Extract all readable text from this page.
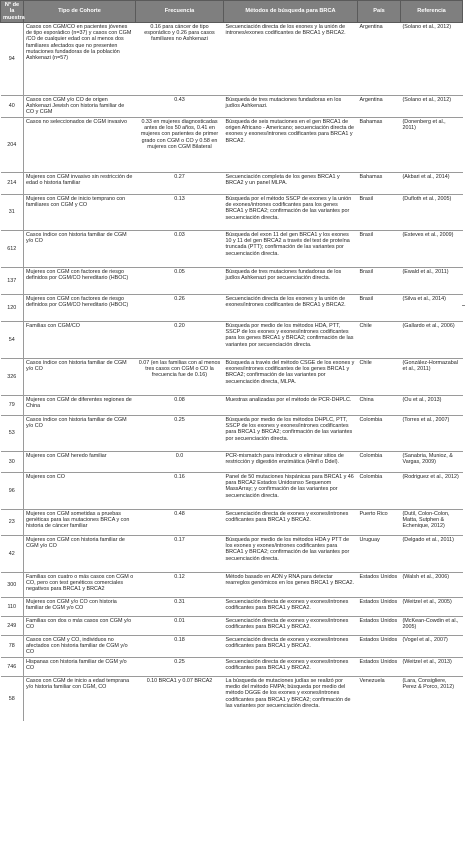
N° de la muestra	Tipo de Cohorte	Frecuencia	Métodos de búsqueda para BRCA	País	Referencia
94	Casos con CGM/CO en pacientes jóvenes de tipo esporádico (n=37) y casos con CGM /CO de cualquier edad con al menos dos familiares afectados que no presenten mutaciones fundadoras de la población Ashkenazi (n=57)	0.16 para cáncer de tipo esporádico y 0.26 para casos familiares no Ashkenazi	Secuenciación directa de los exones y la unión de intrones/exones codificantes de BRCA1 y BRCA2.	Argentina	(Solano et al., 2012)
40	Casos con CGM y/o CO de origen Ashkenazi Jewish con historia familiar de CO y CGM	0.43	Búsqueda de tres mutaciones fundadoras en los judíos Ashkenazi.	Argentina	(Solano et al., 2012)
204	Casos no seleccionados de CGM invasivo	0.33 en mujeres diagnosticadas antes de los 50 años, 0.41 en mujeres con parientes de primer grado con CGM o CO y 0.58 en mujeres con CGM Bilateral	Búsqueda de seis mutaciones en el gen BRCA1 de origen Africano - Americano; secuenciación directa de exones y exones/intrones codificantes para BRCA1 y BRCA2.	Bahamas	(Donenberg et al., 2011)
214	Mujeres con CGM invasivo sin restricción de edad o historia familiar	0.27	Secuenciación completa de los genes BRCA1 y BRCA2 y un panel MLPA.	Bahamas	(Akbari et al., 2014)
31	Mujeres con CGM de inicio temprano con familiares con CGM y CO	0.13	Búsqueda por el método SSCP de exones y la unión de exones/intrones codificantes para los genes BRCA1 y BRCA2; confirmación de las variantes por secuenciación directa.	Brasil	(Dufloth et al., 2005)
612	Casos índice con historia familiar de CGM y/o CO	0.03	Búsqueda del exon 11 del gen BRCA1 y los exones 10 y 11 del gen BRCA2 a través del test de proteína truncada (PTT); confirmación de las variantes por secuenciación directa.	Brasil	(Esteves et al., 2009)
137	Mujeres con CGM con factores de riesgo definidos por CGM/CO hereditario (HBOC)	0.05	Búsqueda de tres mutaciones fundadoras de los judíos Ashkenazi por secuenciación directa.	Brasil	(Ewald et al., 2011)
120	Mujeres con CGM con factores de riesgo definidos por CGM/CO hereditario (HBOC)	0.26	Secuenciación directa de los exones y la unión de exones/intrones codificantes de BRCA1 y BRCA2.	Brasil	(Silva et al., 2014)
54	Familias con CGM/CO	0.20	Búsqueda por medio de los métodos HDA, PTT, SSCP de los exones y exones/intrones codificantes para los genes BRCA1 y BRCA2; confirmación de las variantes por secuenciación directa.	Chile	(Gallardo et al., 2006)
326	Casos índice con historia familiar de CGM y/o CO	0.07 (en las familias con al menos tres casos con CGM o CO la frecuencia fue de 0.16)	Búsqueda a través del método CSGE de los exones y exones/intrones codificantes de los genes BRCA1 y BRCA2; confirmación de las variantes por secuenciación directa, MLPA.	Chile	(González-Hormazabal et al., 2011)
79	Mujeres con CGM de diferentes regiones de China	0.08	Muestras analizadas por el método de PCR-DHPLC.	China	(Ou et al., 2013)
53	Casos índice con historia familiar de CGM y/o CO	0.25	Búsqueda por medio de los métodos DHPLC, PTT, SSCP de los exones y exones/intrones codificantes para BRCA1 y BRCA2; confirmación de las variantes por secuenciación directa.	Colombia	(Torres et al., 2007)
30	Mujeres con CGM heredo familiar	0.0	PCR-mismatch para introducir o eliminar sitios de restricción y digestión enzimática (Hinfl o Ddel).	Colombia	(Sanabria, Munioz, & Vargas, 2009)
96	Mujeres con CO	0.16	Panel de 50 mutaciones hispánicas para BRCA1 y 46 para BRCA2 Estados Unidosnso Sequenom MassArray; y confirmación de las variantes por secuenciación directa.	Colombia	(Rodriguez et al., 2012)
23	Mujeres con CGM sometidas a pruebas genéticas para las mutaciones BRCA y con historia de cáncer familiar	0.48	Secuenciación directa de exones y exones/intrones codificantes para BRCA1 y BRCA2.	Puerto Rico	(Dutil, Colon-Colon, Matta, Sutphen & Echenique, 2012)
42	Mujeres con CGM con historia familiar de CGM y/o CO	0.17	Búsqueda por medio de los métodos HDA y PTT de los exones y exones/intrones codificantes para BRCA1 y BRCA2; confirmación de las variantes por secuenciación directa.	Uruguay	(Delgado et al., 2011)
300	Familias con cuatro o más casos con CGM o CO, pero con test genéticos comerciales negativos para BRCA1 y BRCA2	0.12	Método basado en ADN y RNA para detectar rearreglos genómicos en los genes BRCA1 y BRCA2.	Estados Unidos	(Walsh et al., 2006)
110	Mujeres con CGM y/o CO con historia familiar de CGM y/o CO	0.31	Secuenciación directa de exones y exones/intrones codificantes para BRCA1 y BRCA2.	Estados Unidos	(Weitzel et al., 2005)
249	Familias con dos o más casos con CGM y/o CO	0.01	Secuenciación directa de exones y exones/intrones codificantes para BRCA1 y BRCA2.	Estados Unidos	(McKean-Cowdin et al., 2005)
78	Casos con CGM y CO, individuos no afectados con historia familiar de CGM y/o CO	0.18	Secuenciación directa de exones y exones/intrones codificantes para BRCA1 y BRCA2.	Estados Unidos	(Vogel et al., 2007)
746	Hispanas con historia familiar de CGM y/o CO	0.25	Secuenciación directa de exones y exones/intrones codificantes para BRCA1 y BRCA2.	Estados Unidos	(Weitzel et al., 2013)
58	Casos con CGM de inicio a edad temprana y/o historia familiar con CGM, CO	0.10 BRCA1 y 0.07 BRCA2	La búsqueda de mutaciones judías se realizó por medio del método FMPA; búsqueda por medio del método DGGE de los exones y exones/intrones codificantes para BRCA1 y BRCA2; confirmación de las variantes por secuenciación directa.	Venezuela	(Lara, Consigliere, Perez & Porco, 2012)
